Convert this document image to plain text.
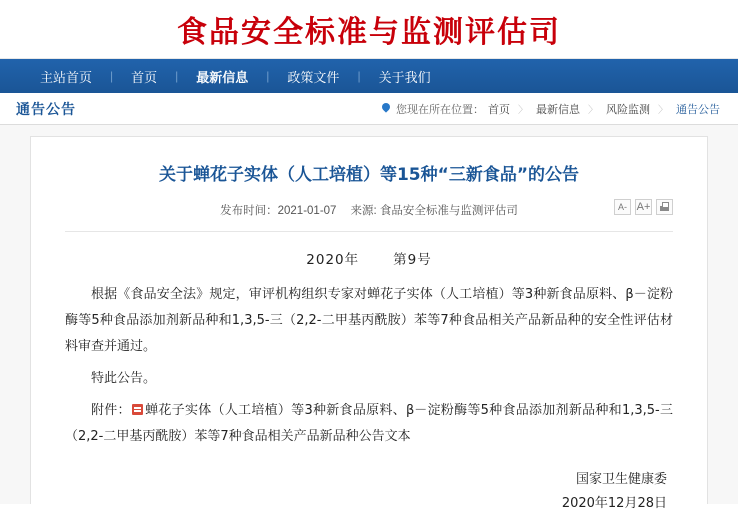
食品安全标准与监测评估司
主站首页	|	首页	|	最新信息	|	政策文件	|	关于我们
通告公告	您现在所在位置： 首页 〉 最新信息 〉 风险监测 〉 通告公告
关于蝉花子实体（人工培植）等15种“三新食品”的公告
发布时间：2021-01-07 来源: 食品安全标准与监测评估司	A- A+
2020年	第9号

根据《食品安全法》规定，审评机构组织专家对蝉花子实体（人工培植）等3种新食品原料、β－淀粉酶等5种食品添加剂新品种和1,3,5-三（2,2-二甲基丙酰胺）苯等7种食品相关产品新品种的安全性评估材料审查并通过。

特此公告。

附件： 蝉花子实体（人工培植）等3种新食品原料、β－淀粉酶等5种食品添加剂新品种和1,3,5-三（2,2-二甲基丙酰胺）苯等7种食品相关产品新品种公告文本

国家卫生健康委
2020年12月28日
